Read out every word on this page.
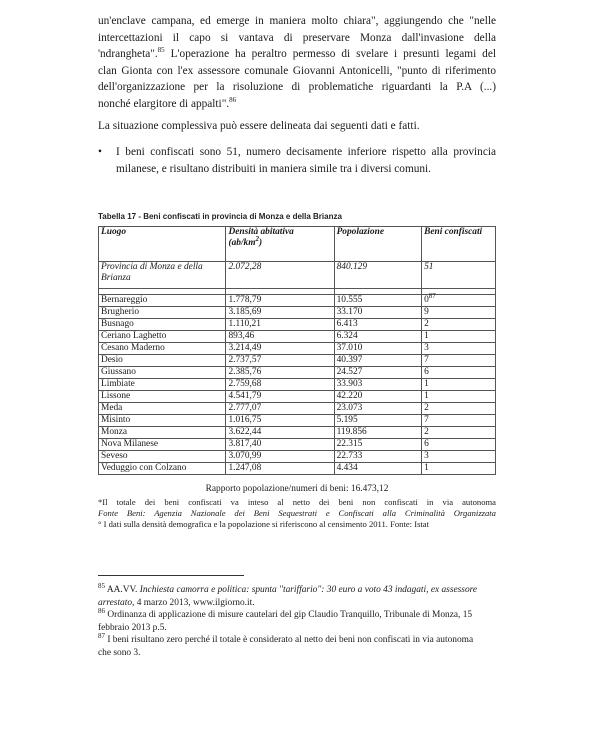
un'enclave campana, ed emerge in maniera molto chiara", aggiungendo che "nelle
intercettazioni il capo si vantava di preservare Monza dall'invasione della
'ndrangheta".$^{85}$ L'operazione ha peraltro permesso di svelare i presunti legami del
clan Gionta con l'ex assessore comunale Giovanni Antonicelli, "punto di riferimento
dell'organizzazione per la risoluzione di problematiche riguardanti la P.A (...)
nonché elargitore di appalti".$^{86}$

La situazione complessiva può essere delineata dai seguenti dati e fatti.

• I beni confiscati sono 51, numero decisamente inferiore rispetto alla provincia
milanese, e risultano distribuiti in maniera simile tra i diversi comuni.

Tabella 17 - Beni confiscati in provincia di Monza e della Brianza
Luogo	Densità abitativa
$(ab/km^2)$	Popolazione	Beni confiscati
Provincia di Monza e della Brianza	2.072,28	840.129	51

Bernareggio	1.778,79	10.555	$0^{87}$
Brugherio	3.185,69	33.170	9
Busnago	1.110,21	6.413	2
Ceriano Laghetto	893,46	6.324	1
Cesano Maderno	3.214,49	37.010	3
Desio	2.737,57	40.397	7
Giussano	2.385,76	24.527	6
Limbiate	2.759,68	33.903	1
Lissone	4.541,79	42.220	1
Meda	2.777,07	23.073	2
Misinto	1.016,75	5.195	7
Monza	3.622,44	119.856	2
Nova Milanese	3.817,40	22.315	6
Seveso	3.070,99	22.733	3
Veduggio con Colzano	1.247,08	4.434	1
Rapporto popolazione/numeri di beni: 16.473,12
*Il totale dei beni confiscati va inteso al netto dei beni non confiscati in via autonoma
Fonte Beni: Agenzia Nazionale dei Beni Sequestrati e Confiscati alla Criminalità Organizzata
° I dati sulla densità demografica e la popolazione si riferiscono al censimento 2011. Fonte: Istat
$^{85}$ AA.VV. Inchiesta camorra e politica: spunta "tariffario": 30 euro a voto 43 indagati, ex assessore
arrestato, 4 marzo 2013, www.ilgiorno.it.
$^{86}$ Ordinanza di applicazione di misure cautelari del gip Claudio Tranquillo, Tribunale di Monza, 15
febbraio 2013 p.5.
$^{87}$ I beni risultano zero perché il totale è considerato al netto dei beni non confiscati in via autonoma
che sono 3.
